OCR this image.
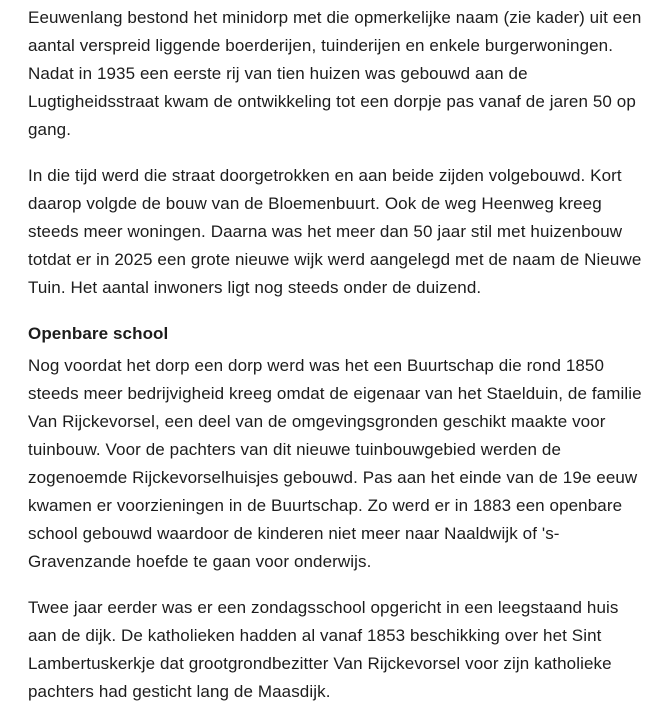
Eeuwenlang bestond het minidorp met die opmerkelijke naam (zie kader) uit een aantal verspreid liggende boerderijen, tuinderijen en enkele burgerwoningen. Nadat in 1935 een eerste rij van tien huizen was gebouwd aan de Lugtigheidsstraat kwam de ontwikkeling tot een dorpje pas vanaf de jaren 50 op gang.

In die tijd werd die straat doorgetrokken en aan beide zijden volgebouwd. Kort daarop volgde de bouw van de Bloemenbuurt. Ook de weg Heenweg kreeg steeds meer woningen. Daarna was het meer dan 50 jaar stil met huizenbouw totdat er in 2025 een grote nieuwe wijk werd aangelegd met de naam de Nieuwe Tuin. Het aantal inwoners ligt nog steeds onder de duizend.

Openbare school

Nog voordat het dorp een dorp werd was het een Buurtschap die rond 1850 steeds meer bedrijvigheid kreeg omdat de eigenaar van het Staelduin, de familie Van Rijckevorsel, een deel van de omgevingsgronden geschikt maakte voor tuinbouw. Voor de pachters van dit nieuwe tuinbouwgebied werden de zogenoemde Rijckevorselhuisjes gebouwd. Pas aan het einde van de 19e eeuw kwamen er voorzieningen in de Buurtschap. Zo werd er in 1883 een openbare school gebouwd waardoor de kinderen niet meer naar Naaldwijk of 's-Gravenzande hoefde te gaan voor onderwijs.

Twee jaar eerder was er een zondagsschool opgericht in een leegstaand huis aan de dijk. De katholieken hadden al vanaf 1853 beschikking over het Sint Lambertuskerkje dat grootgrondbezitter Van Rijckevorsel voor zijn katholieke pachters had gesticht lang de Maasdijk.
